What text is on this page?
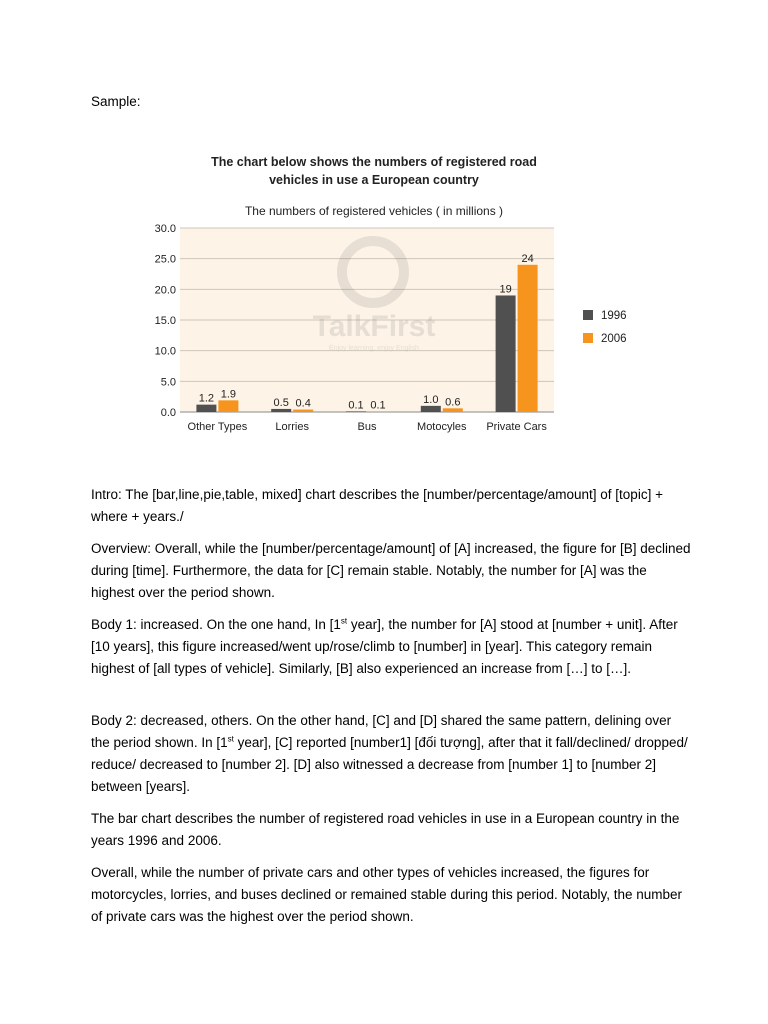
Sample:
The chart below shows the numbers of registered road
vehicles in use a European country
The numbers of registered vehicles ( in millions )
TalkFirst
Enjoy learning, enjoy English
1.2 1.9
0.5 0.4	0.1 0.1	1.0 0.6
19
24
0.0
5.0
10.0
15.0
20.0
25.0
30.0
Other Types	Lorries	Bus	Motocyles Private Cars
1996
2006

Intro: The [bar,line,pie,table, mixed] chart describes the [number/percentage/amount] of [topic] + where + years./

Overview: Overall, while the [number/percentage/amount] of [A] increased, the figure for [B] declined during [time]. Furthermore, the data for [C] remain stable. Notably, the number for [A] was the highest over the period shown.

Body 1: increased. On the one hand, In [1st year], the number for [A] stood at [number + unit]. After [10 years], this figure increased/went up/rose/climb to [number] in [year]. This category remain highest of [all types of vehicle]. Similarly, [B] also experienced an increase from […] to […].

Body 2: decreased, others. On the other hand, [C] and [D] shared the same pattern, delining over the period shown. In [1st year], [C] reported [number1] [đối tượng], after that it fall/declined/ dropped/ reduce/ decreased to [number 2]. [D] also witnessed a decrease from [number 1] to [number 2] between [years].

The bar chart describes the number of registered road vehicles in use in a European country in the years 1996 and 2006.

Overall, while the number of private cars and other types of vehicles increased, the figures for motorcycles, lorries, and buses declined or remained stable during this period. Notably, the number of private cars was the highest over the period shown.
